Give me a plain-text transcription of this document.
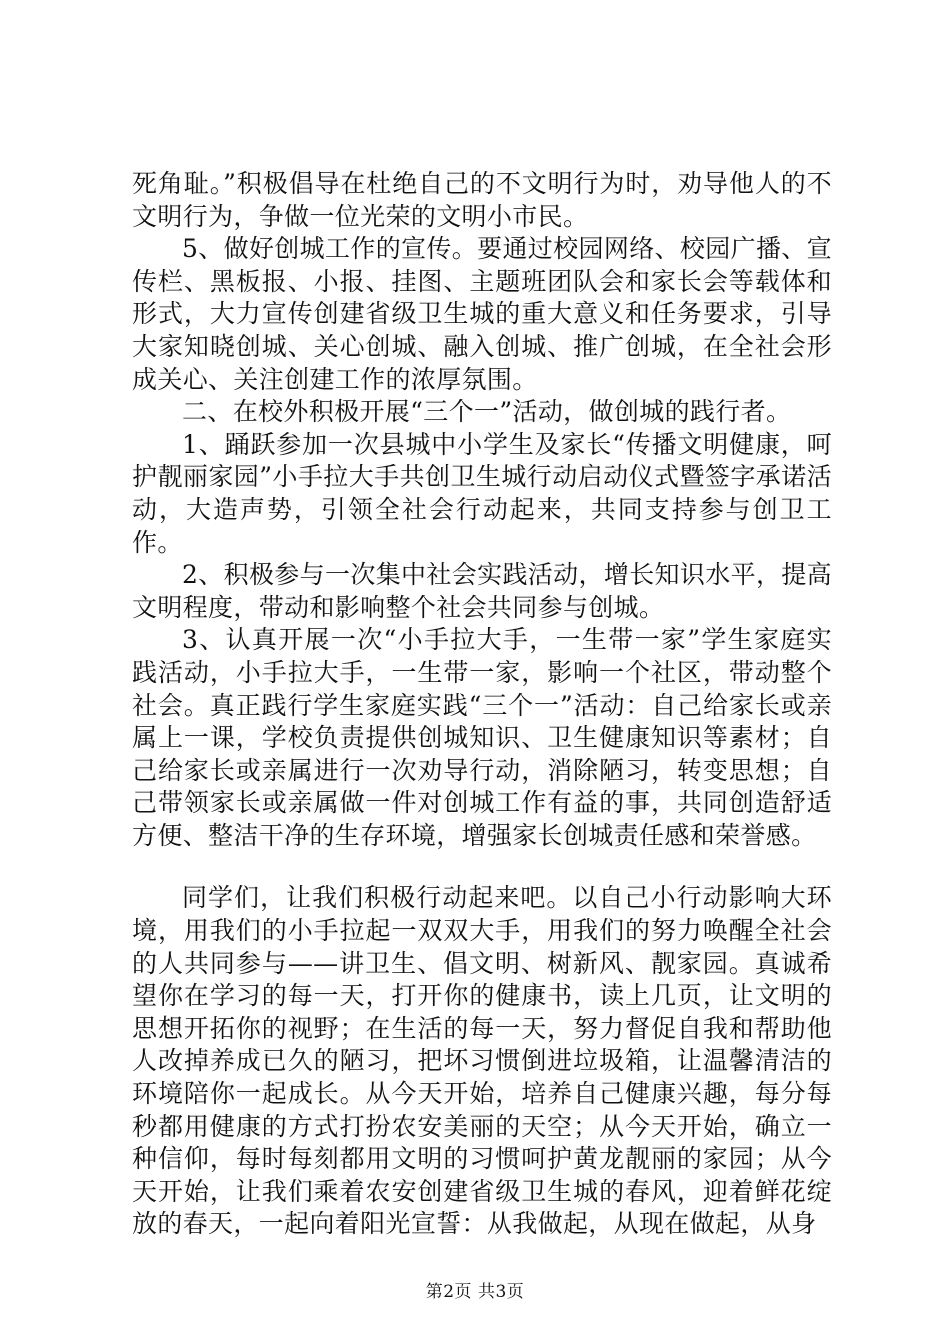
死角耻。”积极倡导在杜绝自己的不文明行为时，劝导他人的不文明行为，争做一位光荣的文明小市民。

5、做好创城工作的宣传。要通过校园网络、校园广播、宣传栏、黑板报、小报、挂图、主题班团队会和家长会等载体和形式，大力宣传创建省级卫生城的重大意义和任务要求，引导大家知晓创城、关心创城、融入创城、推广创城，在全社会形成关心、关注创建工作的浓厚氛围。

二、在校外积极开展“三个一”活动，做创城的践行者。

1、踊跃参加一次县城中小学生及家长“传播文明健康，呵护靓丽家园”小手拉大手共创卫生城行动启动仪式暨签字承诺活动，大造声势，引领全社会行动起来，共同支持参与创卫工作。

2、积极参与一次集中社会实践活动，增长知识水平，提高文明程度，带动和影响整个社会共同参与创城。

3、认真开展一次“小手拉大手，一生带一家”学生家庭实践活动，小手拉大手，一生带一家，影响一个社区，带动整个社会。真正践行学生家庭实践“三个一”活动：自己给家长或亲属上一课，学校负责提供创城知识、卫生健康知识等素材；自己给家长或亲属进行一次劝导行动，消除陋习，转变思想；自己带领家长或亲属做一件对创城工作有益的事，共同创造舒适方便、整洁干净的生存环境，增强家长创城责任感和荣誉感。

同学们，让我们积极行动起来吧。以自己小行动影响大环境，用我们的小手拉起一双双大手，用我们的努力唤醒全社会的人共同参与——讲卫生、倡文明、树新风、靓家园。真诚希望你在学习的每一天，打开你的健康书，读上几页，让文明的思想开拓你的视野；在生活的每一天，努力督促自我和帮助他人改掉养成已久的陋习，把坏习惯倒进垃圾箱，让温馨清洁的环境陪你一起成长。从今天开始，培养自己健康兴趣，每分每秒都用健康的方式打扮农安美丽的天空；从今天开始，确立一种信仰，每时每刻都用文明的习惯呵护黄龙靓丽的家园；从今天开始，让我们乘着农安创建省级卫生城的春风，迎着鲜花绽放的春天，一起向着阳光宣誓：从我做起，从现在做起，从身

第2页 共3页
